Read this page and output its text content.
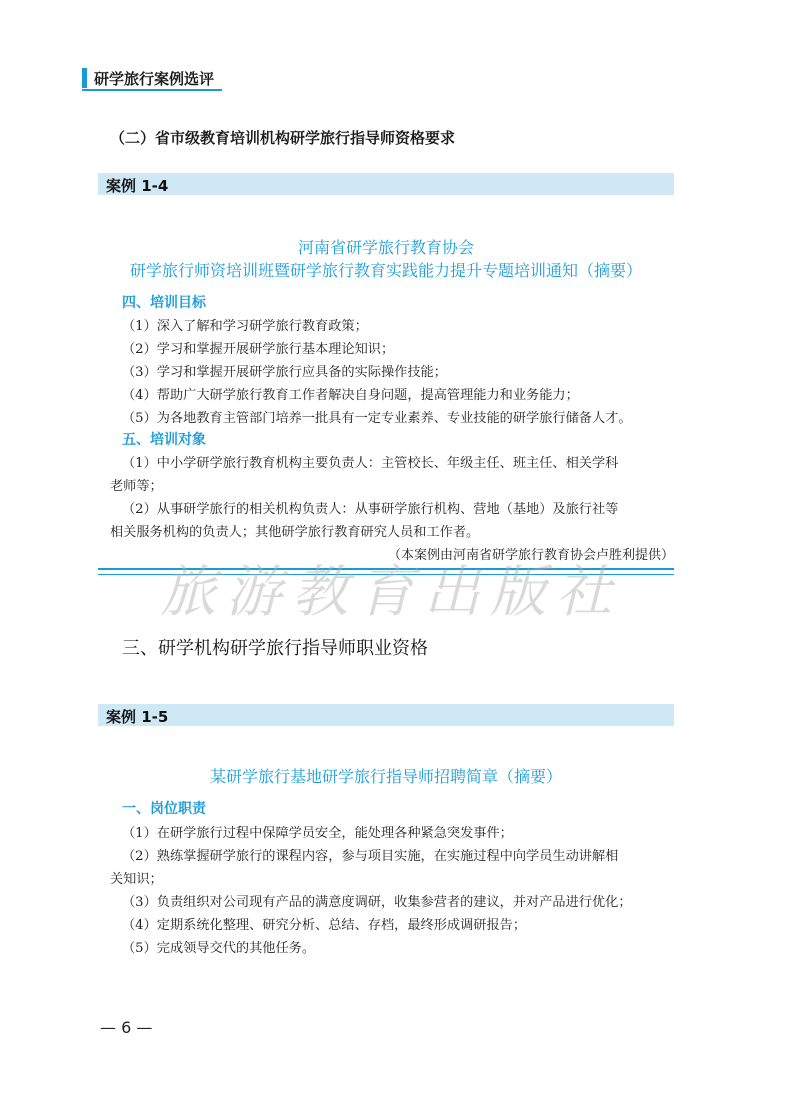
研学旅行案例选评
（二）省市级教育培训机构研学旅行指导师资格要求
案例 1-4
河南省研学旅行教育协会
研学旅行师资培训班暨研学旅行教育实践能力提升专题培训通知（摘要）
四、培训目标
（1）深入了解和学习研学旅行教育政策；
（2）学习和掌握开展研学旅行基本理论知识；
（3）学习和掌握开展研学旅行应具备的实际操作技能；
（4）帮助广大研学旅行教育工作者解决自身问题，提高管理能力和业务能力；
（5）为各地教育主管部门培养一批具有一定专业素养、专业技能的研学旅行储备人才。
五、培训对象
（1）中小学研学旅行教育机构主要负责人：主管校长、年级主任、班主任、相关学科
老师等；
（2）从事研学旅行的相关机构负责人：从事研学旅行机构、营地（基地）及旅行社等
相关服务机构的负责人；其他研学旅行教育研究人员和工作者。
（本案例由河南省研学旅行教育协会卢胜利提供）
旅游教育出版社
三、研学机构研学旅行指导师职业资格
案例 1-5
某研学旅行基地研学旅行指导师招聘简章（摘要）
一、岗位职责
（1）在研学旅行过程中保障学员安全，能处理各种紧急突发事件；
（2）熟练掌握研学旅行的课程内容，参与项目实施，在实施过程中向学员生动讲解相
关知识；
（3）负责组织对公司现有产品的满意度调研，收集参营者的建议，并对产品进行优化；
（4）定期系统化整理、研究分析、总结、存档，最终形成调研报告；
（5）完成领导交代的其他任务。
— 6 —
